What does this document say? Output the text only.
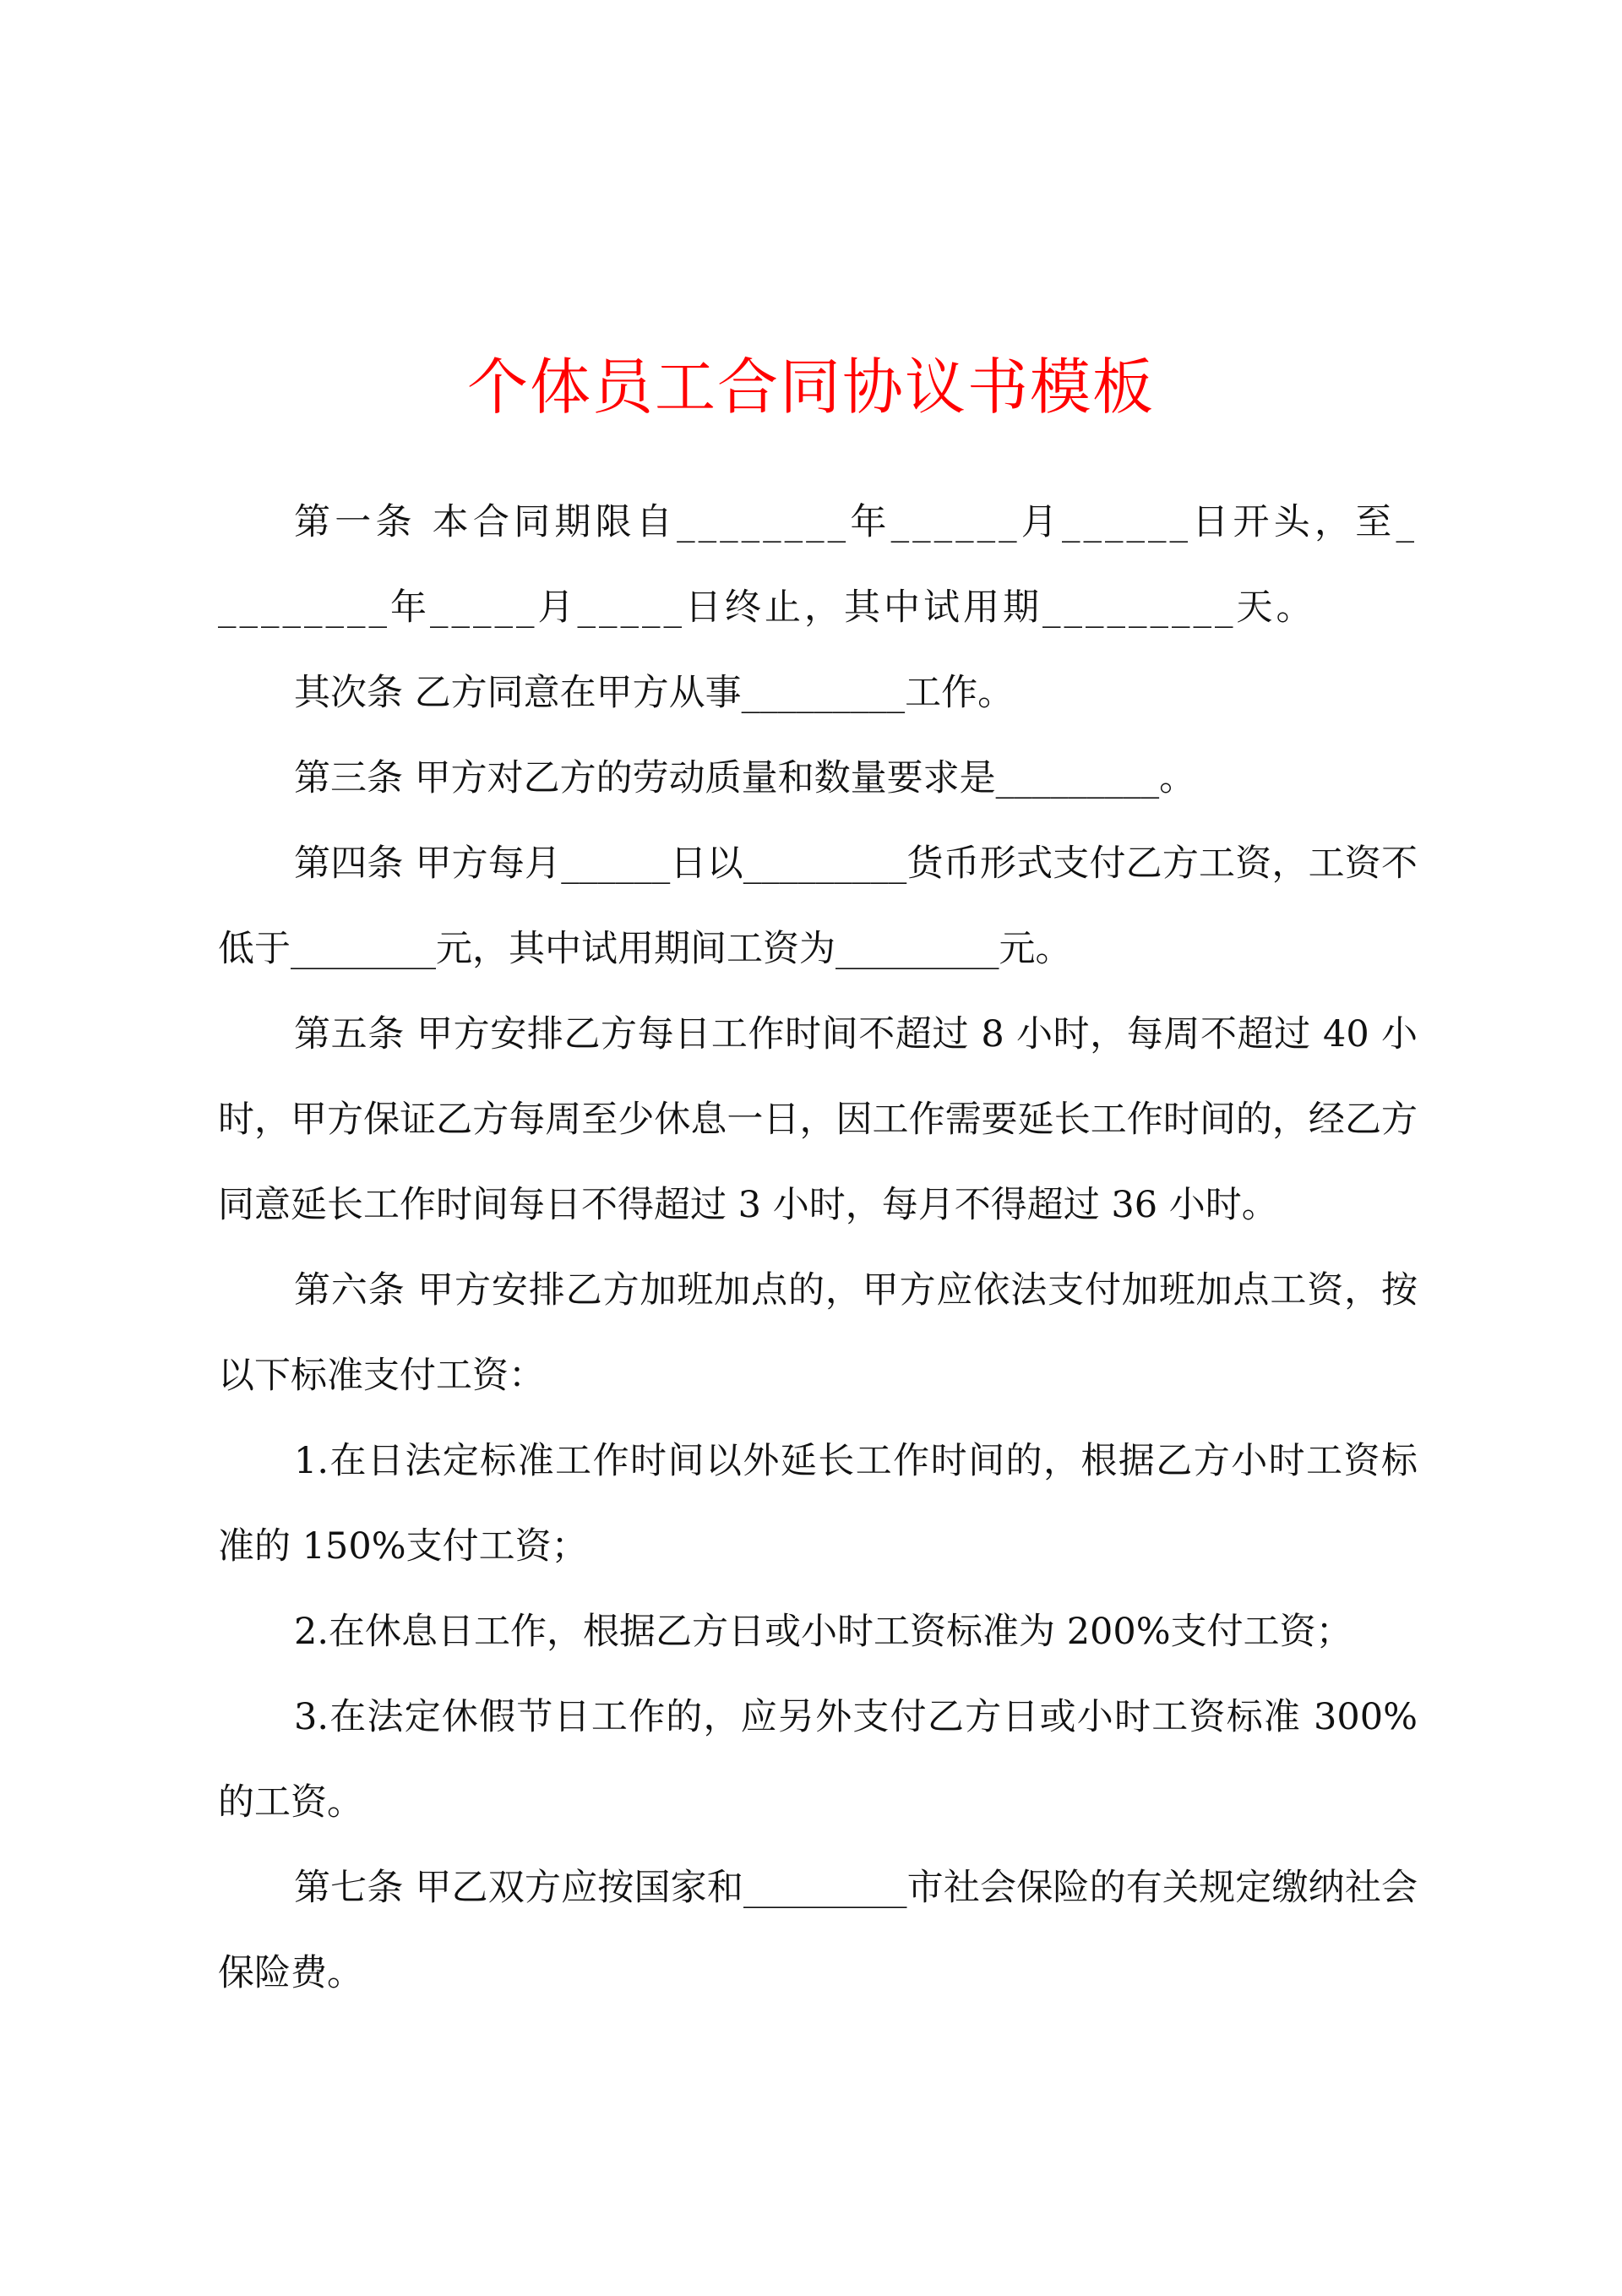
个体员工合同协议书模板

第一条 本合同期限自________年______月______日开头，至_________年_____月_____日终止，其中试用期_________天。

其次条 乙方同意在甲方从事_________工作。

第三条 甲方对乙方的劳动质量和数量要求是_________。

第四条 甲方每月______日以_________货币形式支付乙方工资，工资不低于________元，其中试用期间工资为_________元。

第五条 甲方安排乙方每日工作时间不超过 8 小时，每周不超过 40 小时，甲方保证乙方每周至少休息一日，因工作需要延长工作时间的，经乙方同意延长工作时间每日不得超过 3 小时，每月不得超过 36 小时。

第六条 甲方安排乙方加班加点的，甲方应依法支付加班加点工资，按以下标准支付工资：

1.在日法定标准工作时间以外延长工作时间的，根据乙方小时工资标准的 150%支付工资；

2.在休息日工作，根据乙方日或小时工资标准为 200%支付工资；

3.在法定休假节日工作的，应另外支付乙方日或小时工资标准 300%的工资。

第七条 甲乙双方应按国家和_________市社会保险的有关规定缴纳社会保险费。
